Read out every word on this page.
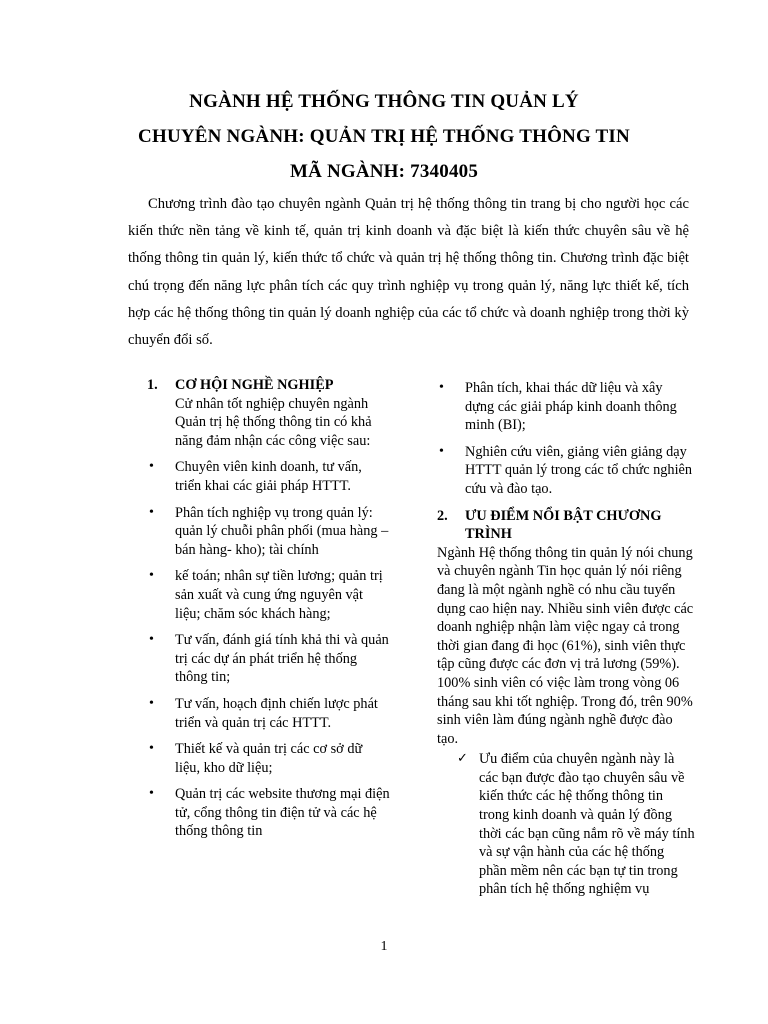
NGÀNH HỆ THỐNG THÔNG TIN QUẢN LÝ
CHUYÊN NGÀNH: QUẢN TRỊ HỆ THỐNG THÔNG TIN
MÃ NGÀNH: 7340405

Chương trình đào tạo chuyên ngành Quản trị hệ thống thông tin trang bị cho người học các kiến thức nền tảng về kinh tế, quản trị kinh doanh và đặc biệt là kiến thức chuyên sâu về hệ thống thông tin quản lý, kiến thức tổ chức và quản trị hệ thống thông tin. Chương trình đặc biệt chú trọng đến năng lực phân tích các quy trình nghiệp vụ trong quản lý, năng lực thiết kế, tích hợp các hệ thống thông tin quản lý doanh nghiệp của các tổ chức và doanh nghiệp trong thời kỳ chuyển đổi số.

1.	CƠ HỘI NGHỀ NGHIỆP

Cử nhân tốt nghiệp chuyên ngành Quản trị hệ thống thông tin có khả năng đảm nhận các công việc sau:

•	Chuyên viên kinh doanh, tư vấn, triển khai các giải pháp HTTT.
•	Phân tích nghiệp vụ trong quản lý: quản lý chuỗi phân phối (mua hàng – bán hàng- kho); tài chính
•	kế toán; nhân sự tiền lương; quản trị sản xuất và cung ứng nguyên vật liệu; chăm sóc khách hàng;
•	Tư vấn, đánh giá tính khả thi và quản trị các dự án phát triển hệ thống thông tin;
•	Tư vấn, hoạch định chiến lược phát triển và quản trị các HTTT.
•	Thiết kế và quản trị các cơ sở dữ liệu, kho dữ liệu;
•	Quản trị các website thương mại điện tử, cổng thông tin điện tử và các hệ thống thông tin
•	Phân tích, khai thác dữ liệu và xây dựng các giải pháp kinh doanh thông minh (BI);
•	Nghiên cứu viên, giảng viên giảng dạy HTTT quản lý trong các tổ chức nghiên cứu và đào tạo.
2.	ƯU ĐIỂM NỔI BẬT CHƯƠNG TRÌNH

Ngành Hệ thống thông tin quản lý nói chung và chuyên ngành Tin học quản lý nói riêng đang là một ngành nghề có nhu cầu tuyển dụng cao hiện nay. Nhiều sinh viên được các doanh nghiệp nhận làm việc ngay cả trong thời gian đang đi học (61%), sinh viên thực tập cũng được các đơn vị trả lương (59%). 100% sinh viên có việc làm trong vòng 06 tháng sau khi tốt nghiệp. Trong đó, trên 90% sinh viên làm đúng ngành nghề được đào tạo.

✓ Ưu điểm của chuyên ngành này là các bạn được đào tạo chuyên sâu về kiến thức các hệ thống thông tin trong kinh doanh và quản lý đồng thời các bạn cũng nắm rõ về máy tính và sự vận hành của các hệ thống phần mềm nên các bạn tự tin trong phân tích hệ thống nghiệm vụ
1
